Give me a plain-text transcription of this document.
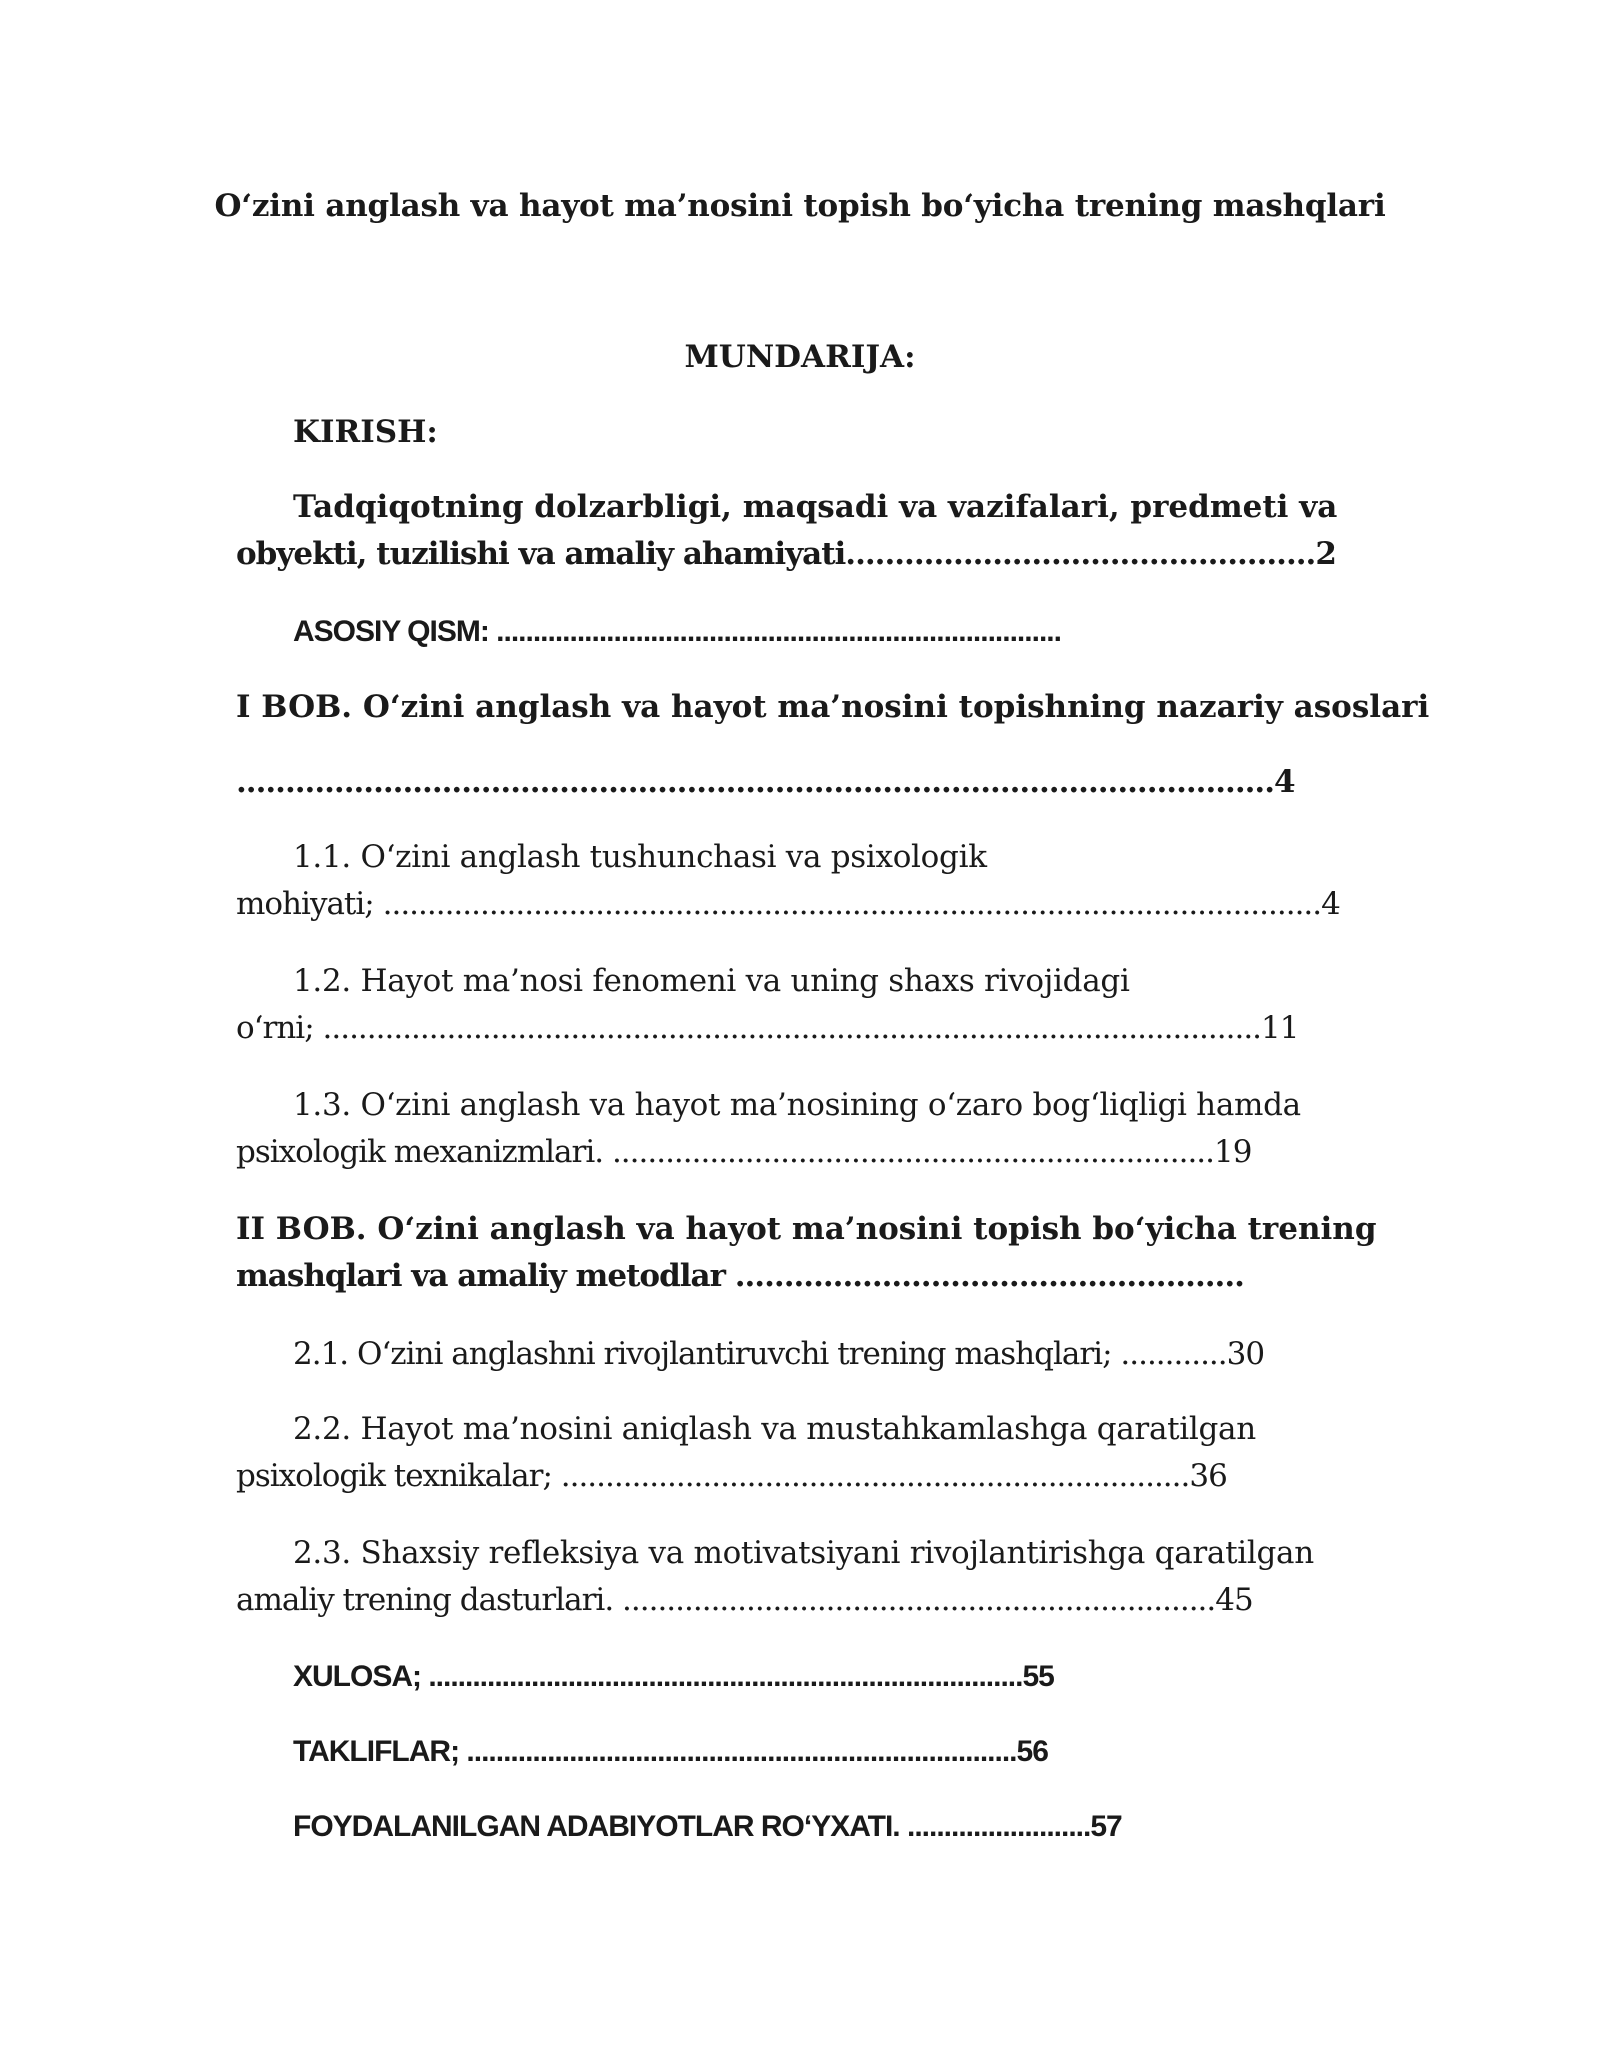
O‘zini anglash va hayot ma’nosini topish bo‘yicha trening mashqlari
MUNDARIJA:
KIRISH:
Tadqiqotning dolzarbligi, maqsadi va vazifalari, predmeti va
obyekti, tuzilishi va amaliy ahamiyati................................................2
ASOSIY QISM: .............................................................................
I BOB. O‘zini anglash va hayot ma’nosini topishning nazariy asoslari
..........................................................................................................4
1.1. O‘zini anglash tushunchasi va psixologik
mohiyati; ..........................................................................................................4
1.2. Hayot ma’nosi fenomeni va uning shaxs rivojidagi
o‘rni; ..........................................................................................................11
1.3. O‘zini anglash va hayot ma’nosining o‘zaro bog‘liqligi hamda
psixologik mexanizmlari. ....................................................................19
II BOB. O‘zini anglash va hayot ma’nosini topish bo‘yicha trening
mashqlari va amaliy metodlar ....................................................
2.1. O‘zini anglashni rivojlantiruvchi trening mashqlari; ............30
2.2. Hayot ma’nosini aniqlash va mustahkamlashga qaratilgan
psixologik texnikalar; .......................................................................36
2.3. Shaxsiy refleksiya va motivatsiyani rivojlantirishga qaratilgan
amaliy trening dasturlari. ...................................................................45
XULOSA; .................................................................................55
TAKLIFLAR; ...........................................................................56
FOYDALANILGAN ADABIYOTLAR RO‘YXATI. .........................57
